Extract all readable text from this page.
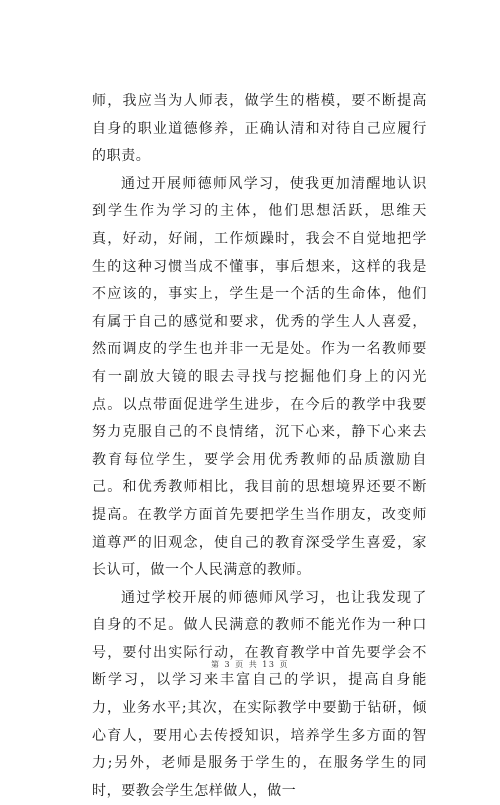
师，我应当为人师表，做学生的楷模，要不断提高自身的职业道德修养，正确认清和对待自己应履行的职责。

通过开展师德师风学习，使我更加清醒地认识到学生作为学习的主体，他们思想活跃，思维天真，好动，好闹，工作烦躁时，我会不自觉地把学生的这种习惯当成不懂事，事后想来，这样的我是不应该的，事实上，学生是一个活的生命体，他们有属于自己的感觉和要求，优秀的学生人人喜爱，然而调皮的学生也并非一无是处。作为一名教师要有一副放大镜的眼去寻找与挖掘他们身上的闪光点。以点带面促进学生进步，在今后的教学中我要努力克服自己的不良情绪，沉下心来，静下心来去教育每位学生，要学会用优秀教师的品质激励自己。和优秀教师相比，我目前的思想境界还要不断提高。在教学方面首先要把学生当作朋友，改变师道尊严的旧观念，使自己的教育深受学生喜爱，家长认可，做一个人民满意的教师。

通过学校开展的师德师风学习，也让我发现了自身的不足。做人民满意的教师不能光作为一种口号，要付出实际行动，在教育教学中首先要学会不断学习，以学习来丰富自己的学识，提高自身能力，业务水平;其次，在实际教学中要勤于钻研，倾心育人，要用心去传授知识，培养学生多方面的智力;另外，老师是服务于学生的，在服务学生的同时，要教会学生怎样做人，做一

第 3 页 共 13 页
